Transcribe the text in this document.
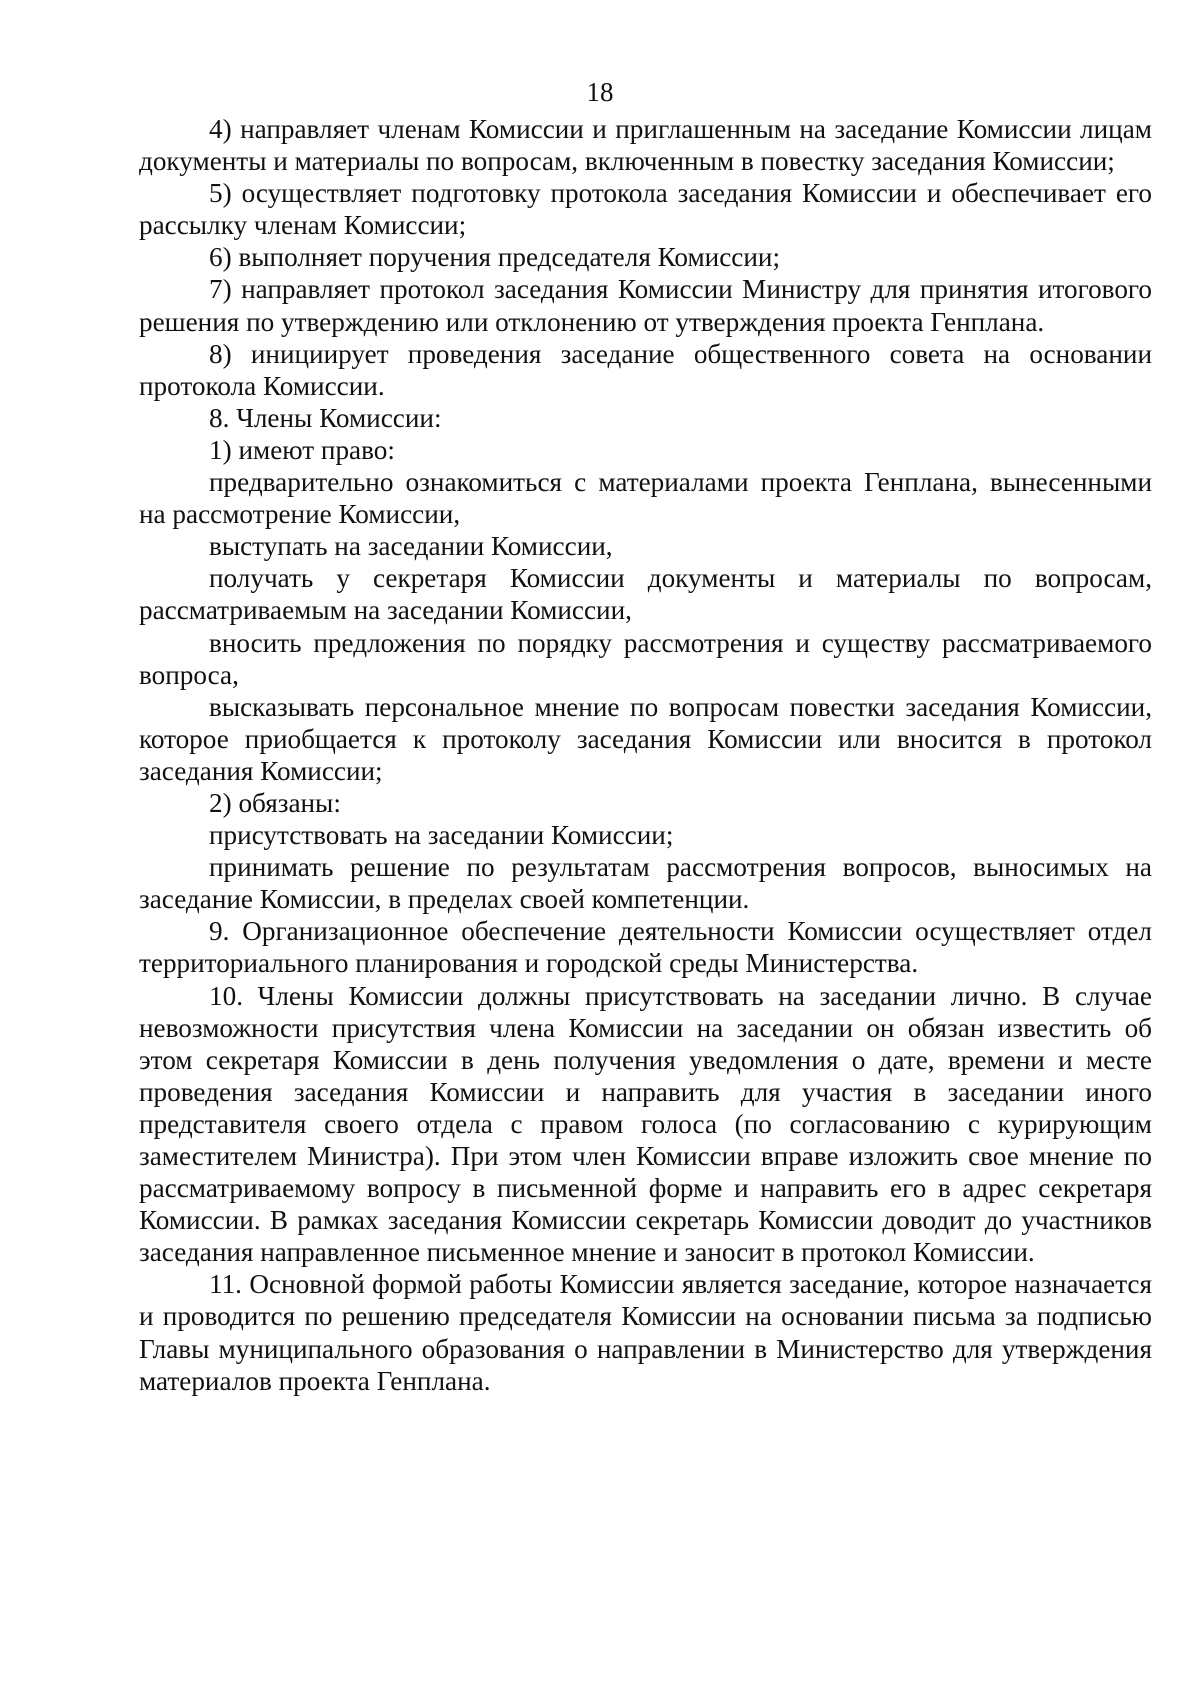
18

4) направляет членам Комиссии и приглашенным на заседание Комиссии лицам документы и материалы по вопросам, включенным в повестку заседания Комиссии;

5) осуществляет подготовку протокола заседания Комиссии и обеспечивает его рассылку членам Комиссии;

6) выполняет поручения председателя Комиссии;

7) направляет протокол заседания Комиссии Министру для принятия итогового решения по утверждению или отклонению от утверждения проекта Генплана.

8) инициирует проведения заседание общественного совета на основании протокола Комиссии.

8. Члены Комиссии:

1) имеют право:

предварительно ознакомиться с материалами проекта Генплана, вынесенными на рассмотрение Комиссии,

выступать на заседании Комиссии,

получать у секретаря Комиссии документы и материалы по вопросам, рассматриваемым на заседании Комиссии,

вносить предложения по порядку рассмотрения и существу рассматриваемого вопроса,

высказывать персональное мнение по вопросам повестки заседания Комиссии, которое приобщается к протоколу заседания Комиссии или вносится в протокол заседания Комиссии;

2) обязаны:

присутствовать на заседании Комиссии;

принимать решение по результатам рассмотрения вопросов, выносимых на заседание Комиссии, в пределах своей компетенции.

9. Организационное обеспечение деятельности Комиссии осуществляет отдел территориального планирования и городской среды Министерства.

10. Члены Комиссии должны присутствовать на заседании лично. В случае невозможности присутствия члена Комиссии на заседании он обязан известить об этом секретаря Комиссии в день получения уведомления о дате, времени и месте проведения заседания Комиссии и направить для участия в заседании иного представителя своего отдела с правом голоса (по согласованию с курирующим заместителем Министра). При этом член Комиссии вправе изложить свое мнение по рассматриваемому вопросу в письменной форме и направить его в адрес секретаря Комиссии. В рамках заседания Комиссии секретарь Комиссии доводит до участников заседания направленное письменное мнение и заносит в протокол Комиссии.

11. Основной формой работы Комиссии является заседание, которое назначается и проводится по решению председателя Комиссии на основании письма за подписью Главы муниципального образования о направлении в Министерство для утверждения материалов проекта Генплана.
